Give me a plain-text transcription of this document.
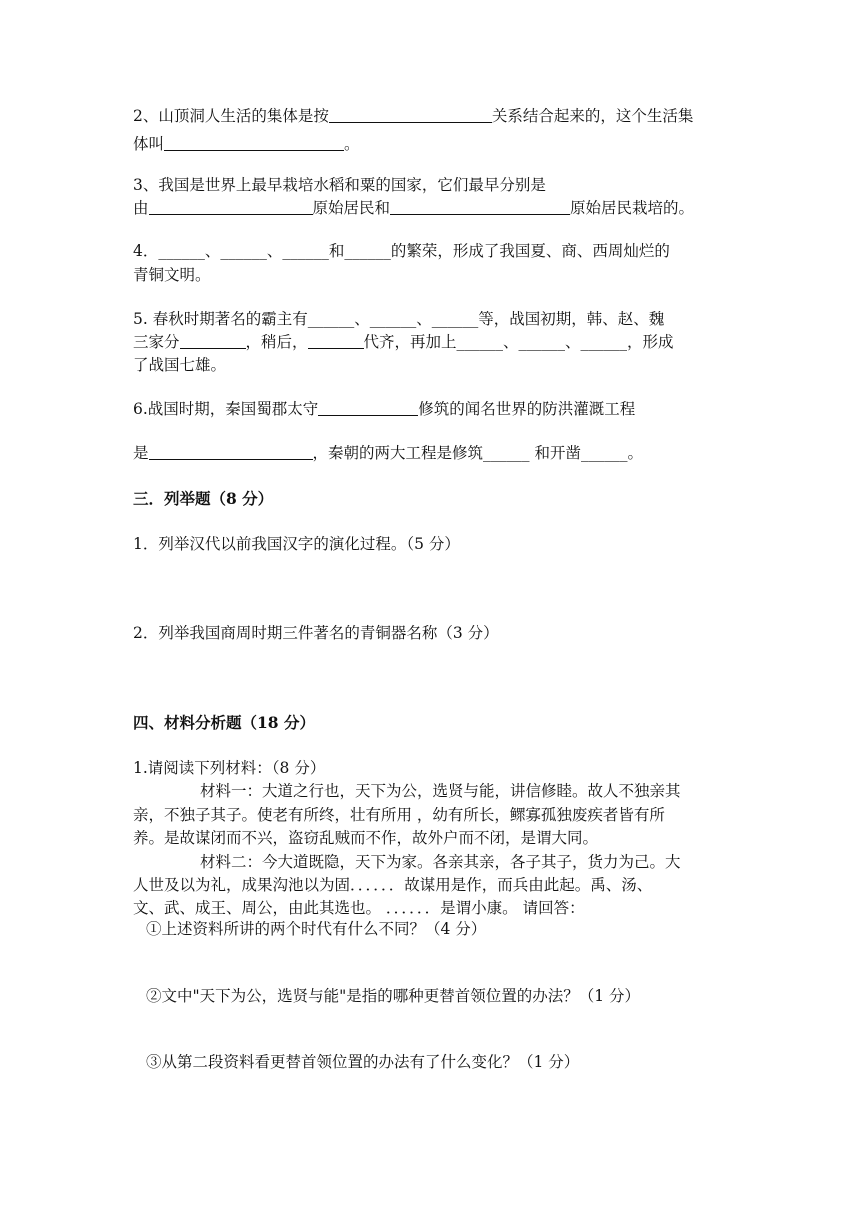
2、山顶洞人生活的集体是按	关系结合起来的，这个生活集
体叫	。
3、我国是世界上最早栽培水稻和粟的国家，它们最早分别是
由	原始居民和	原始居民栽培的。
4．______、______、______和______的繁荣，形成了我国夏、商、西周灿烂的
青铜文明。
5. 春秋时期著名的霸主有______、______、______等，战国初期，韩、赵、魏
三家分	，稍后，	代齐，再加上______、______、______，形成
了战国七雄。
6.战国时期，秦国蜀郡太守	修筑的闻名世界的防洪灌溉工程
是	，秦朝的两大工程是修筑______ 和开凿______。
三．列举题（8 分）
1．列举汉代以前我国汉字的演化过程。（5 分）
2．列举我国商周时期三件著名的青铜器名称（3 分）
四、材料分析题（18 分）
1.请阅读下列材料：（8 分）
材料一：大道之行也，天下为公，选贤与能，讲信修睦。故人不独亲其
亲，不独子其子。使老有所终，壮有所用 ，幼有所长，鳏寡孤独废疾者皆有所
养。是故谋闭而不兴，盗窃乱贼而不作，故外户而不闭，是谓大同。
材料二：今大道既隐，天下为家。各亲其亲，各子其子，货力为己。大
人世及以为礼，成果沟池以为固．．．．．．故谋用是作，而兵由此起。禹、汤、
文、武、成王、周公，由此其选也。 ．．．．．．是谓小康。 请回答：
①上述资料所讲的两个时代有什么不同？（4 分）
②文中"天下为公，选贤与能"是指的哪种更替首领位置的办法？（1 分）
③从第二段资料看更替首领位置的办法有了什么变化？（1 分）
